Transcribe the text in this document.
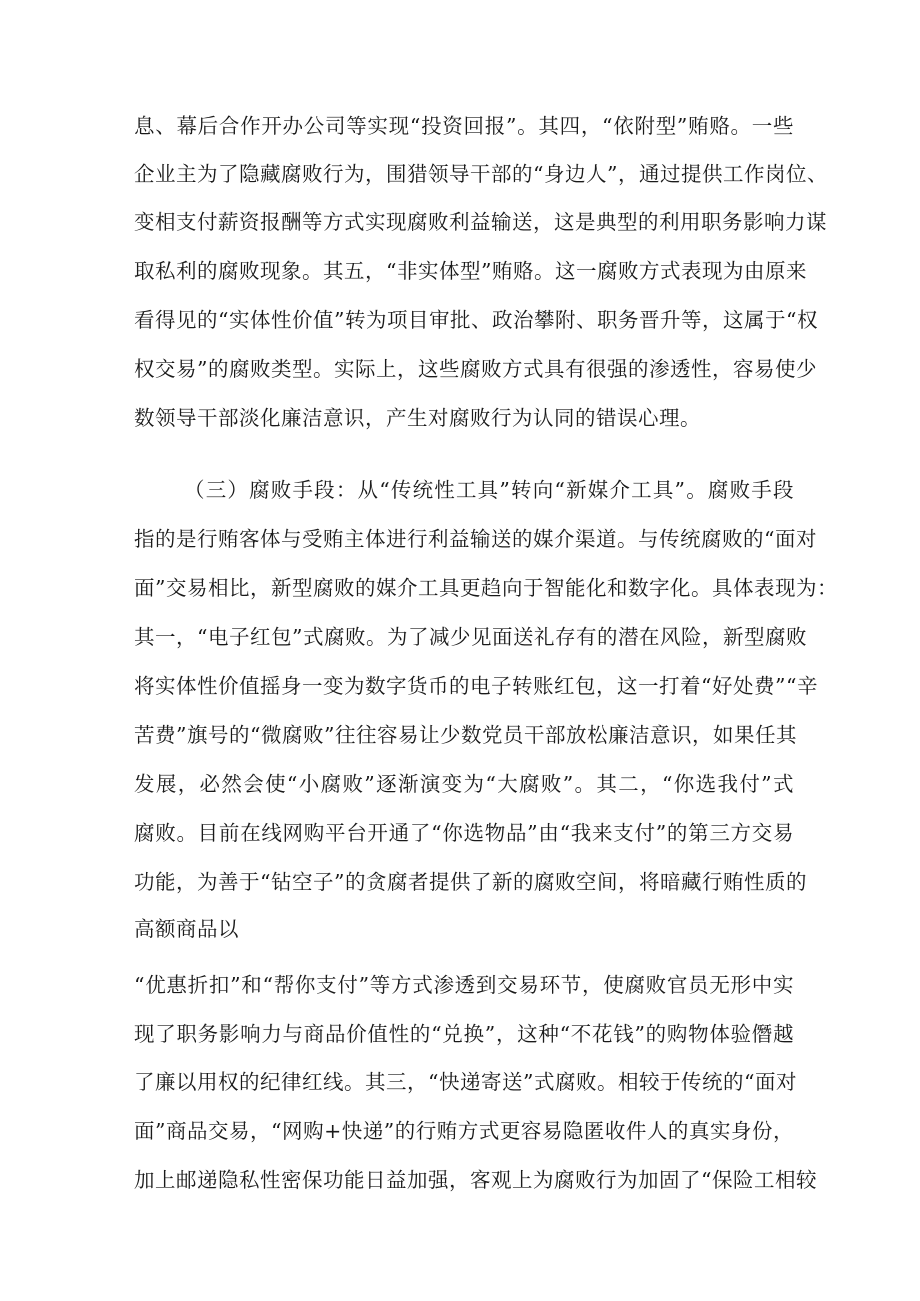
息、幕后合作开办公司等实现“投资回报”。其四，“依附型”贿赂。一些
企业主为了隐藏腐败行为，围猎领导干部的“身边人”，通过提供工作岗位、
变相支付薪资报酬等方式实现腐败利益输送，这是典型的利用职务影响力谋
取私利的腐败现象。其五，“非实体型”贿赂。这一腐败方式表现为由原来
看得见的“实体性价值”转为项目审批、政治攀附、职务晋升等，这属于“权
权交易”的腐败类型。实际上，这些腐败方式具有很强的渗透性，容易使少
数领导干部淡化廉洁意识，产生对腐败行为认同的错误心理。
（三）腐败手段：从“传统性工具”转向“新媒介工具”。腐败手段
指的是行贿客体与受贿主体进行利益输送的媒介渠道。与传统腐败的“面对
面”交易相比，新型腐败的媒介工具更趋向于智能化和数字化。具体表现为：
其一，“电子红包”式腐败。为了减少见面送礼存有的潜在风险，新型腐败
将实体性价值摇身一变为数字货币的电子转账红包，这一打着“好处费”“辛
苦费”旗号的“微腐败”往往容易让少数党员干部放松廉洁意识，如果任其
发展，必然会使“小腐败”逐渐演变为“大腐败”。其二，“你选我付”式
腐败。目前在线网购平台开通了“你选物品”由“我来支付”的第三方交易
功能，为善于“钻空子”的贪腐者提供了新的腐败空间，将暗藏行贿性质的
高额商品以
“优惠折扣”和“帮你支付”等方式渗透到交易环节，使腐败官员无形中实
现了职务影响力与商品价值性的“兑换”，这种“不花钱”的购物体验僭越
了廉以用权的纪律红线。其三，“快递寄送”式腐败。相较于传统的“面对
面”商品交易，“网购+快递”的行贿方式更容易隐匿收件人的真实身份，
加上邮递隐私性密保功能日益加强，客观上为腐败行为加固了“保险工相较
